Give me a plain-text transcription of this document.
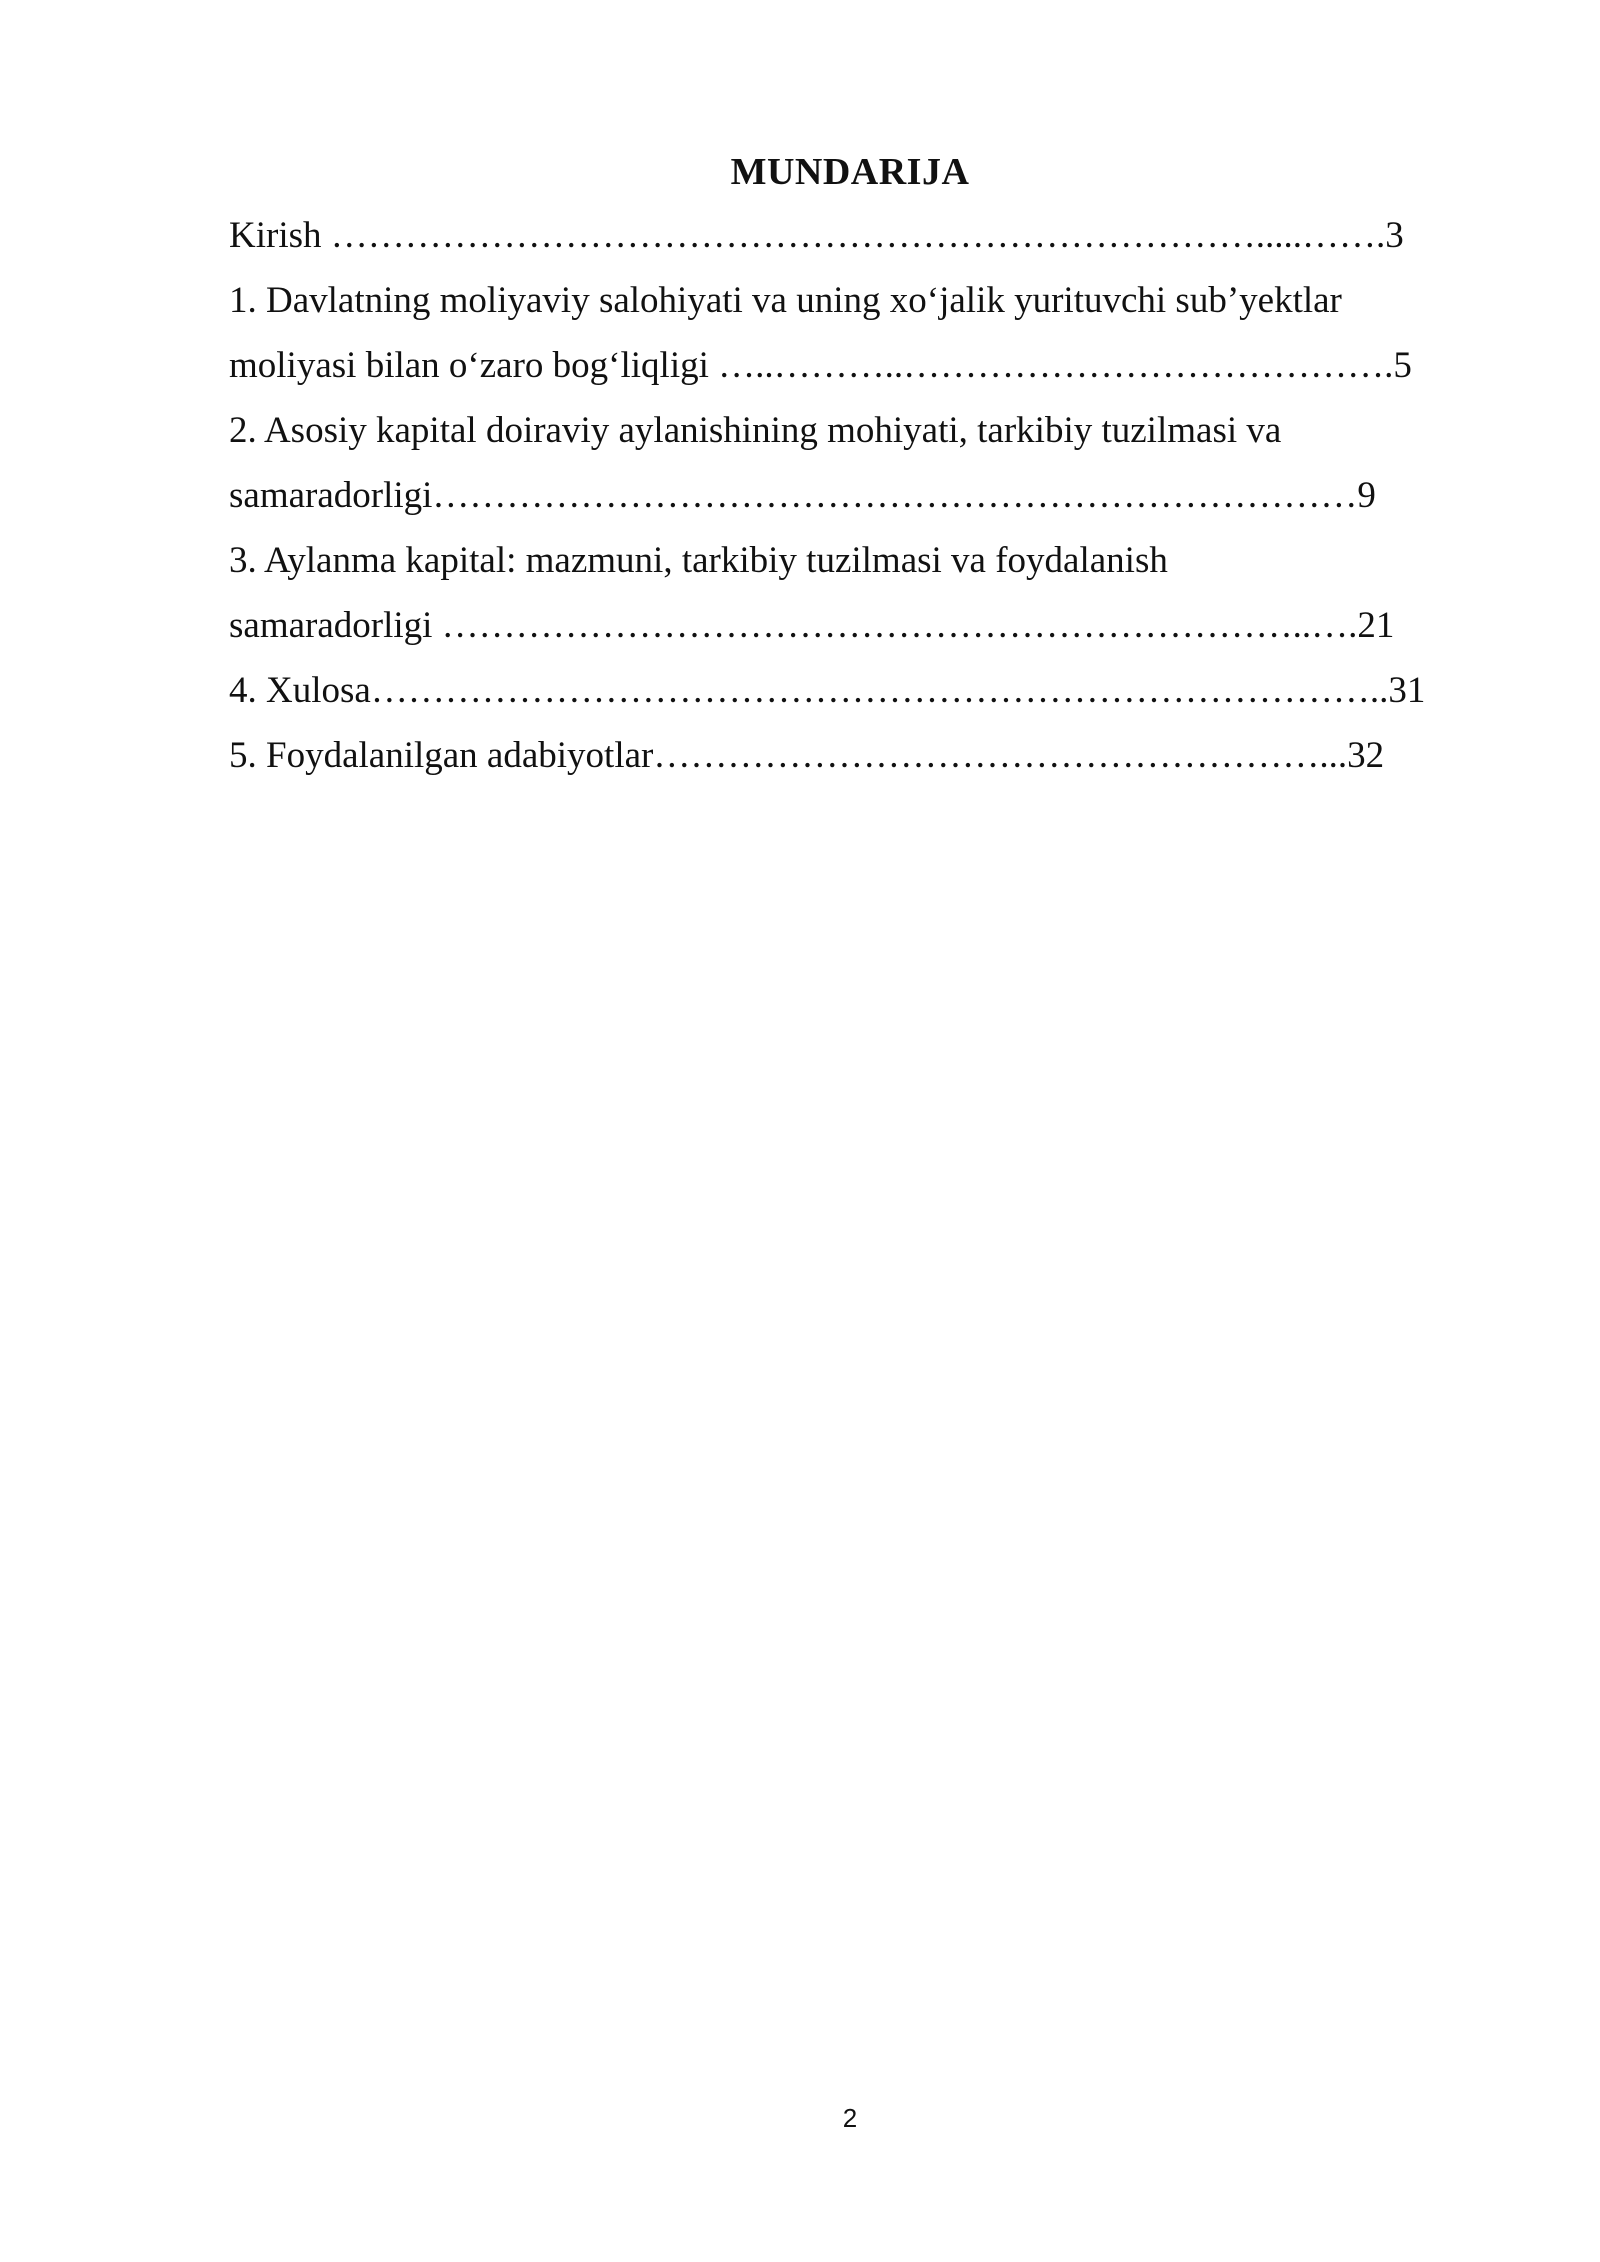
MUNDARIJA
Kirish ………………………………………………………………….....…….3
1. Davlatning moliyaviy salohiyati va uning xo‘jalik yurituvchi sub’yektlar
moliyasi bilan o‘zaro bog‘liqligi …..………..………………………………….5
2. Asosiy kapital doiraviy aylanishining mohiyati, tarkibiy tuzilmasi va
samaradorligi…………………………………………………………………9
3. Aylanma kapital: mazmuni, tarkibiy tuzilmasi va foydalanish
samaradorligi ……………………………………………………………..….21
4. Xulosa………………………………………………………………………..31
5. Foydalanilgan adabiyotlar………………………………………………...32
2
